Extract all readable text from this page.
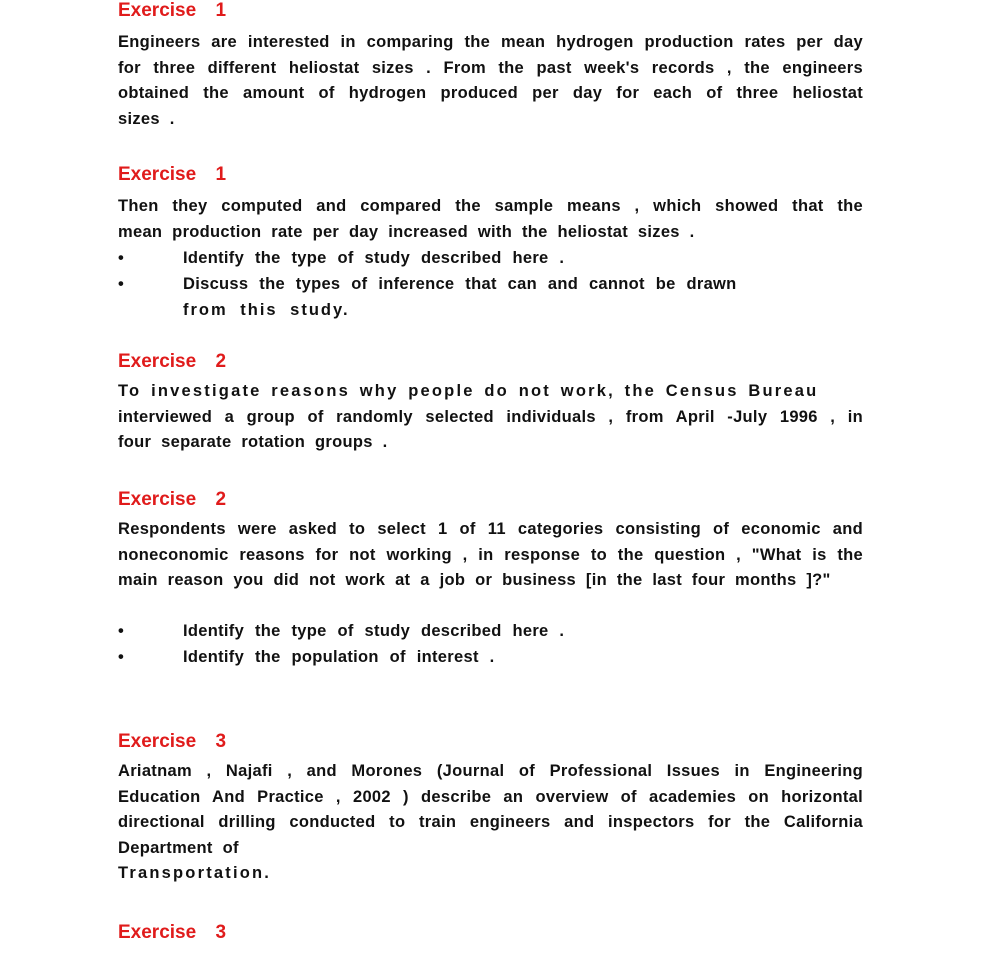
Exercise 1

Engineers are interested in comparing the mean hydrogen production rates per day for three different heliostat sizes . From the past week's records , the engineers obtained the amount of hydrogen produced per day for each of three heliostat sizes .

Exercise 1

Then they computed and compared the sample means , which showed that the mean production rate per day increased with the heliostat sizes .

•	Identify the type of study described here .
•	Discuss the types of inference that can and cannot be drawn
from this study.
Exercise 2

To investigate reasons why people do not work, the Census Bureau

interviewed a group of randomly selected individuals , from April -July 1996 , in four separate rotation groups .

Exercise 2

Respondents were asked to select 1 of 11 categories consisting of economic and noneconomic reasons for not working , in response to the question , "What is the main reason you did not work at a job or business [in the last four months ]?"

•	Identify the type of study described here .
•	Identify the population of interest .
Exercise 3

Ariatnam , Najafi , and Morones (Journal of Professional Issues in Engineering Education And Practice , 2002 ) describe an overview of academies on horizontal directional drilling conducted to train engineers and inspectors for the California Department of

Transportation.

Exercise 3
